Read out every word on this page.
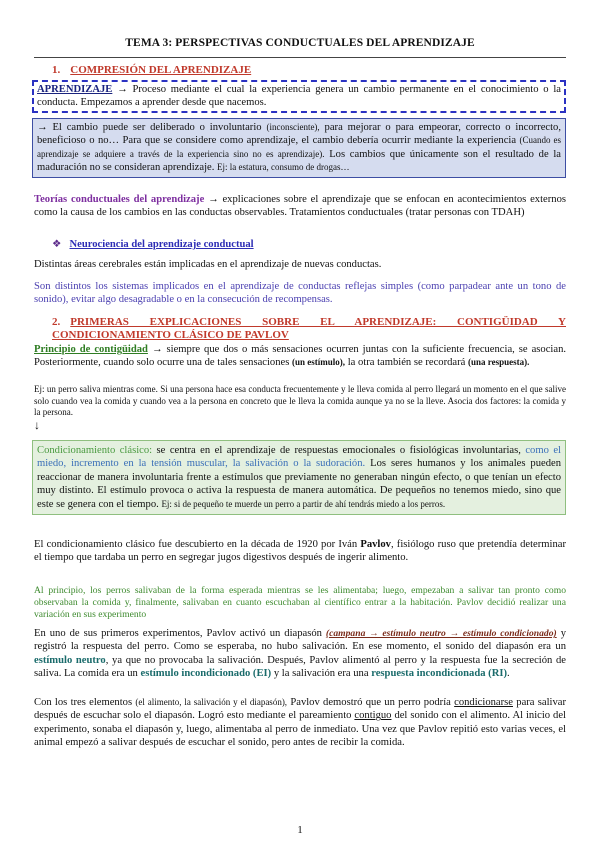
TEMA 3: PERSPECTIVAS CONDUCTUALES DEL APRENDIZAJE
1. COMPRESIÓN DEL APRENDIZAJE
APRENDIZAJE → Proceso mediante el cual la experiencia genera un cambio permanente en el conocimiento o la conducta. Empezamos a aprender desde que nacemos.
→ El cambio puede ser deliberado o involuntario (inconsciente), para mejorar o para empeorar, correcto o incorrecto, beneficioso o no… Para que se considere como aprendizaje, el cambio debería ocurrir mediante la experiencia (Cuando es aprendizaje se adquiere a través de la experiencia sino no es aprendizaje). Los cambios que únicamente son el resultado de la maduración no se consideran aprendizaje. Ej: la estatura, consumo de drogas…
Teorías conductuales del aprendizaje → explicaciones sobre el aprendizaje que se enfocan en acontecimientos externos como la causa de los cambios en las conductas observables. Tratamientos conductuales (tratar personas con TDAH)
❖ Neurociencia del aprendizaje conductual
Distintas áreas cerebrales están implicadas en el aprendizaje de nuevas conductas.
Son distintos los sistemas implicados en el aprendizaje de conductas reflejas simples (como parpadear ante un tono de sonido), evitar algo desagradable o en la consecución de recompensas.
2. PRIMERAS EXPLICACIONES SOBRE EL APRENDIZAJE: CONTIGÜIDAD Y CONDICIONAMIENTO CLÁSICO DE PAVLOV
Principio de contigüidad → siempre que dos o más sensaciones ocurren juntas con la suficiente frecuencia, se asocian. Posteriormente, cuando solo ocurre una de tales sensaciones (un estímulo), la otra también se recordará (una respuesta).
Ej: un perro saliva mientras come. Si una persona hace esa conducta frecuentemente y le lleva comida al perro llegará un momento en el que salive solo cuando vea la comida y cuando vea a la persona en concreto que le lleva la comida aunque ya no se la lleve. Asocia dos factores: la comida y la persona.
↓
Condicionamiento clásico: se centra en el aprendizaje de respuestas emocionales o fisiológicas involuntarias, como el miedo, incremento en la tensión muscular, la salivación o la sudoración. Los seres humanos y los animales pueden reaccionar de manera involuntaria frente a estímulos que previamente no generaban ningún efecto, o que tenían un efecto muy distinto. El estímulo provoca o activa la respuesta de manera automática. De pequeños no tenemos miedo, sino que este se genera con el tiempo. Ej: si de pequeño te muerde un perro a partir de ahí tendrás miedo a los perros.
El condicionamiento clásico fue descubierto en la década de 1920 por Iván Pavlov, fisiólogo ruso que pretendía determinar el tiempo que tardaba un perro en segregar jugos digestivos después de ingerir alimento.
Al principio, los perros salivaban de la forma esperada mientras se les alimentaba; luego, empezaban a salivar tan pronto como observaban la comida y, finalmente, salivaban en cuanto escuchaban al científico entrar a la habitación. Pavlov decidió realizar una variación en sus experimento
En uno de sus primeros experimentos, Pavlov activó un diapasón (campana → estímulo neutro → estímulo condicionado) y registró la respuesta del perro. Como se esperaba, no hubo salivación. En ese momento, el sonido del diapasón era un estímulo neutro, ya que no provocaba la salivación. Después, Pavlov alimentó al perro y la respuesta fue la secreción de saliva. La comida era un estímulo incondicionado (EI) y la salivación era una respuesta incondicionada (RI).
Con los tres elementos (el alimento, la salivación y el diapasón), Pavlov demostró que un perro podría condicionarse para salivar después de escuchar solo el diapasón. Logró esto mediante el pareamiento contiguo del sonido con el alimento. Al inicio del experimento, sonaba el diapasón y, luego, alimentaba al perro de inmediato. Una vez que Pavlov repitió esto varias veces, el animal empezó a salivar después de escuchar el sonido, pero antes de recibir la comida.
1
